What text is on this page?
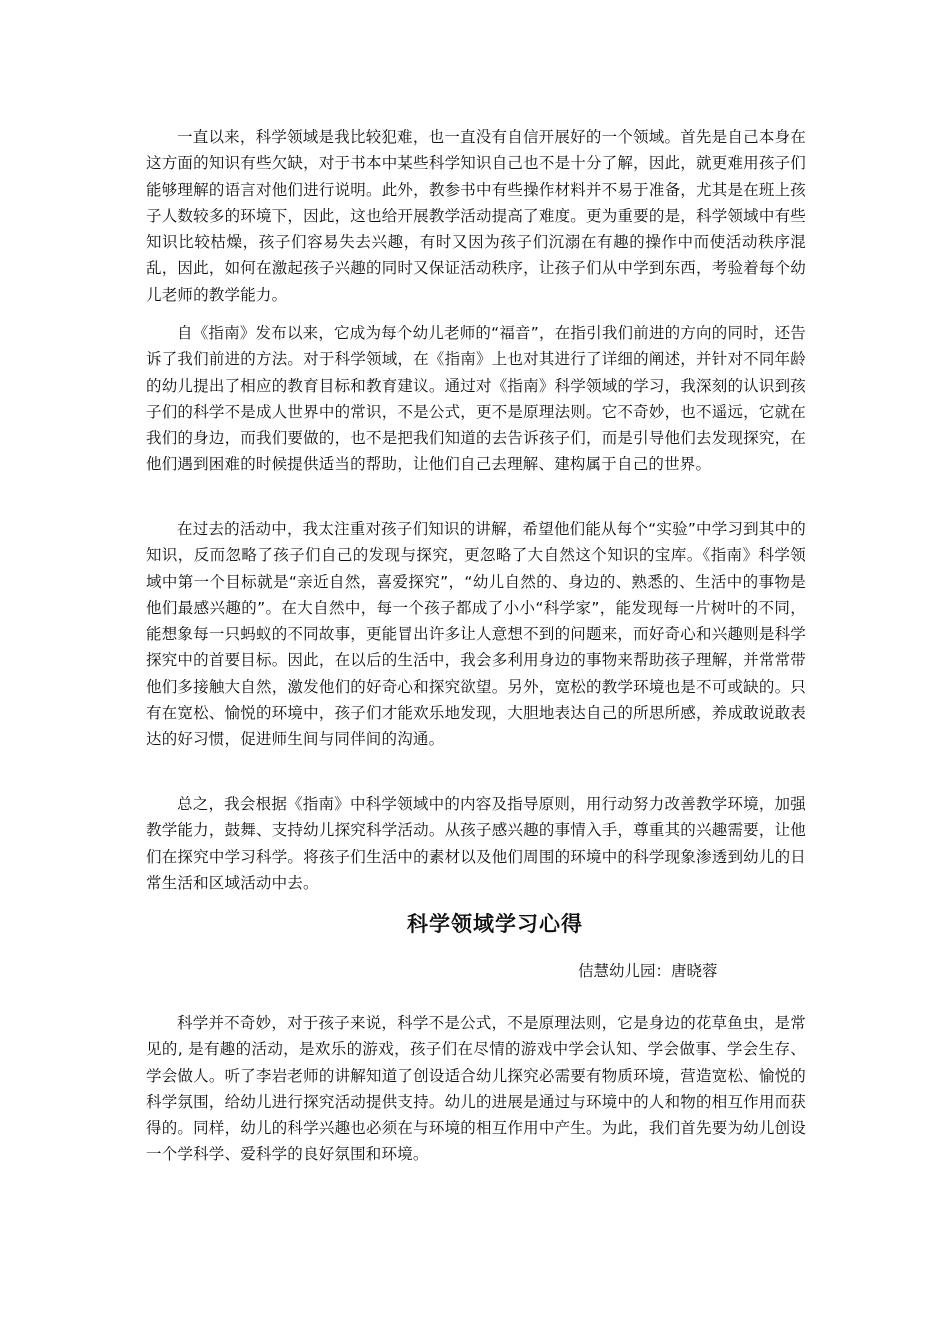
一直以来，科学领域是我比较犯难，也一直没有自信开展好的一个领域。首先是自己本身在这方面的知识有些欠缺，对于书本中某些科学知识自己也不是十分了解，因此，就更难用孩子们能够理解的语言对他们进行说明。此外，教参书中有些操作材料并不易于准备，尤其是在班上孩子人数较多的环境下，因此，这也给开展教学活动提高了难度。更为重要的是，科学领域中有些知识比较枯燥，孩子们容易失去兴趣，有时又因为孩子们沉溺在有趣的操作中而使活动秩序混乱，因此，如何在激起孩子兴趣的同时又保证活动秩序，让孩子们从中学到东西，考验着每个幼儿老师的教学能力。

自《指南》发布以来，它成为每个幼儿老师的“福音”，在指引我们前进的方向的同时，还告诉了我们前进的方法。对于科学领域，在《指南》上也对其进行了详细的阐述，并针对不同年龄的幼儿提出了相应的教育目标和教育建议。通过对《指南》科学领域的学习，我深刻的认识到孩子们的科学不是成人世界中的常识，不是公式，更不是原理法则。它不奇妙，也不遥远，它就在我们的身边，而我们要做的，也不是把我们知道的去告诉孩子们，而是引导他们去发现探究，在他们遇到困难的时候提供适当的帮助，让他们自己去理解、建构属于自己的世界。

在过去的活动中，我太注重对孩子们知识的讲解，希望他们能从每个“实验”中学习到其中的知识，反而忽略了孩子们自己的发现与探究，更忽略了大自然这个知识的宝库。《指南》科学领域中第一个目标就是“亲近自然，喜爱探究”，“幼儿自然的、身边的、熟悉的、生活中的事物是他们最感兴趣的”。在大自然中，每一个孩子都成了小小“科学家”，能发现每一片树叶的不同，能想象每一只蚂蚁的不同故事，更能冒出许多让人意想不到的问题来，而好奇心和兴趣则是科学探究中的首要目标。因此，在以后的生活中，我会多利用身边的事物来帮助孩子理解，并常常带他们多接触大自然，激发他们的好奇心和探究欲望。另外，宽松的教学环境也是不可或缺的。只有在宽松、愉悦的环境中，孩子们才能欢乐地发现，大胆地表达自己的所思所感，养成敢说敢表达的好习惯，促进师生间与同伴间的沟通。

总之，我会根据《指南》中科学领域中的内容及指导原则，用行动努力改善教学环境，加强教学能力，鼓舞、支持幼儿探究科学活动。从孩子感兴趣的事情入手，尊重其的兴趣需要，让他们在探究中学习科学。将孩子们生活中的素材以及他们周围的环境中的科学现象渗透到幼儿的日常生活和区域活动中去。

科学领域学习心得

佶慧幼儿园：唐晓蓉

科学并不奇妙，对于孩子来说，科学不是公式，不是原理法则，它是身边的花草鱼虫，是常见的, 是有趣的活动，是欢乐的游戏，孩子们在尽情的游戏中学会认知、学会做事、学会生存、学会做人。听了李岩老师的讲解知道了创设适合幼儿探究必需要有物质环境，营造宽松、愉悦的科学氛围，给幼儿进行探究活动提供支持。幼儿的进展是通过与环境中的人和物的相互作用而获得的。同样，幼儿的科学兴趣也必须在与环境的相互作用中产生。为此，我们首先要为幼儿创设一个学科学、爱科学的良好氛围和环境。
